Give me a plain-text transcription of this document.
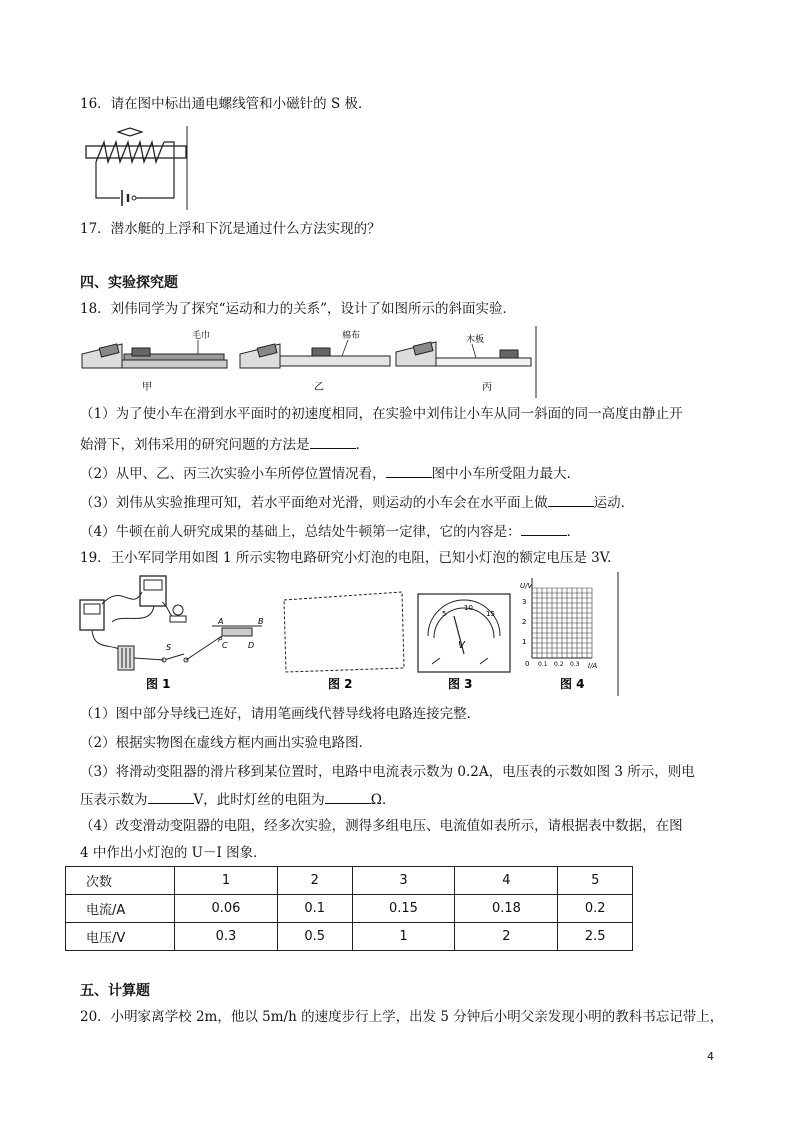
16．请在图中标出通电螺线管和小磁针的 S 极．
17．潜水艇的上浮和下沉是通过什么方法实现的？
四、实验探究题
18．刘伟同学为了探究“运动和力的关系”，设计了如图所示的斜面实验．
毛巾
甲
棉布
乙
木板
丙
（1）为了使小车在滑到水平面时的初速度相同，在实验中刘伟让小车从同一斜面的同一高度由静止开
始滑下，刘伟采用的研究问题的方法是	．
（2）从甲、乙、丙三次实验小车所停位置情况看，	图中小车所受阻力最大．
（3）刘伟从实验推理可知，若水平面绝对光滑，则运动的小车会在水平面上做	运动．
（4）牛顿在前人研究成果的基础上，总结处牛顿第一定律，它的内容是：	．
19．王小军同学用如图 1 所示实物电路研究小灯泡的电阻，已知小灯泡的额定电压是 3V.
A	B
C	D
P
S
图 1	图 2
5
10
15
V
图 3
U/V
I/A
3
2
1
0 0.1 0.2 0.3
图 4
（1）图中部分导线已连好，请用笔画线代替导线将电路连接完整．
（2）根据实物图在虚线方框内画出实验电路图．
（3）将滑动变阻器的滑片移到某位置时，电路中电流表示数为 0.2A，电压表的示数如图 3 所示，则电
压表示数为	V，此时灯丝的电阻为	Ω．
（4）改变滑动变阻器的电阻，经多次实验，测得多组电压、电流值如表所示，请根据表中数据，在图
4 中作出小灯泡的 U－I 图象．
次数	1	2	3	4	5
电流/A	0.06	0.1	0.15	0.18	0.2
电压/V	0.3	0.5	1	2	2.5
五、计算题
20．小明家离学校 2m，他以 5m/h 的速度步行上学，出发 5 分钟后小明父亲发现小明的教科书忘记带上，
4
